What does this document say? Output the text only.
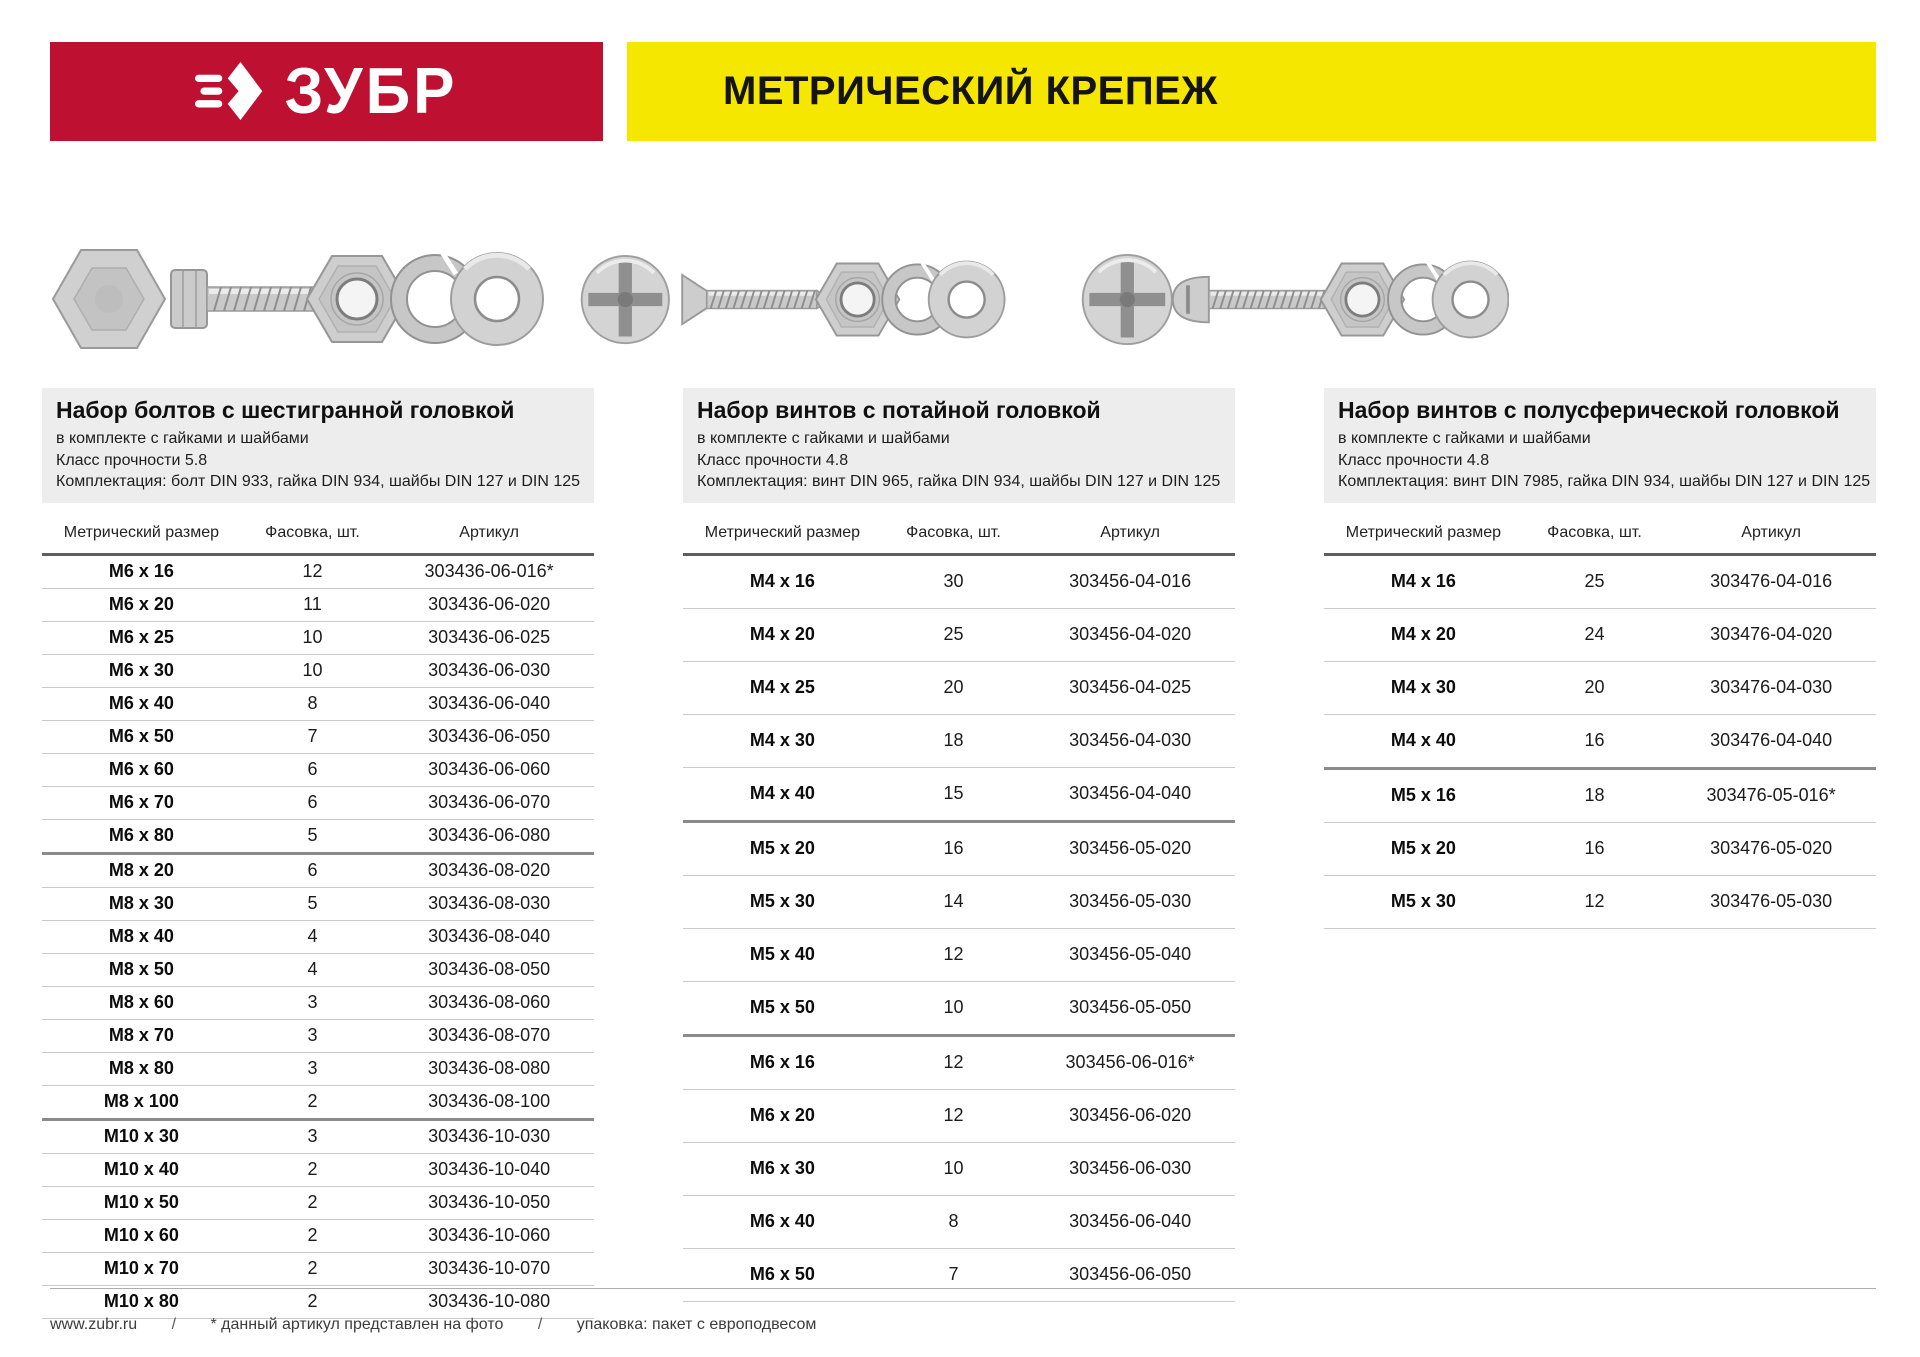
ЗУБР	МЕТРИЧЕСКИЙ КРЕПЕЖ
Набор болтов с шестигранной головкой
в комплекте с гайками и шайбами
Класс прочности 5.8
Комплектация: болт DIN 933, гайка DIN 934, шайбы DIN 127 и DIN 125
Метрический размер	Фасовка, шт.	Артикул
M6 x 16	12	303436-06-016*
M6 x 20	11	303436-06-020
M6 x 25	10	303436-06-025
M6 x 30	10	303436-06-030
M6 x 40	8	303436-06-040
M6 x 50	7	303436-06-050
M6 x 60	6	303436-06-060
M6 x 70	6	303436-06-070
M6 x 80	5	303436-06-080
M8 x 20	6	303436-08-020
M8 x 30	5	303436-08-030
M8 x 40	4	303436-08-040
M8 x 50	4	303436-08-050
M8 x 60	3	303436-08-060
M8 x 70	3	303436-08-070
M8 x 80	3	303436-08-080
M8 x 100	2	303436-08-100
M10 x 30	3	303436-10-030
M10 x 40	2	303436-10-040
M10 x 50	2	303436-10-050
M10 x 60	2	303436-10-060
M10 x 70	2	303436-10-070
M10 x 80	2	303436-10-080
Набор винтов с потайной головкой
в комплекте с гайками и шайбами
Класс прочности 4.8
Комплектация: винт DIN 965, гайка DIN 934, шайбы DIN 127 и DIN 125
Метрический размер	Фасовка, шт.	Артикул
M4 x 16	30	303456-04-016
M4 x 20	25	303456-04-020
M4 x 25	20	303456-04-025
M4 x 30	18	303456-04-030
M4 x 40	15	303456-04-040
M5 x 20	16	303456-05-020
M5 x 30	14	303456-05-030
M5 x 40	12	303456-05-040
M5 x 50	10	303456-05-050
M6 x 16	12	303456-06-016*
M6 x 20	12	303456-06-020
M6 x 30	10	303456-06-030
M6 x 40	8	303456-06-040
M6 x 50	7	303456-06-050
Набор винтов с полусферической головкой
в комплекте с гайками и шайбами
Класс прочности 4.8
Комплектация: винт DIN 7985, гайка DIN 934, шайбы DIN 127 и DIN 125
Метрический размер	Фасовка, шт.	Артикул
M4 x 16	25	303476-04-016
M4 x 20	24	303476-04-020
M4 x 30	20	303476-04-030
M4 x 40	16	303476-04-040
M5 x 16	18	303476-05-016*
M5 x 20	16	303476-05-020
M5 x 30	12	303476-05-030
www.zubr.ru / * данный артикул представлен на фото / упаковка: пакет с европодвесом
